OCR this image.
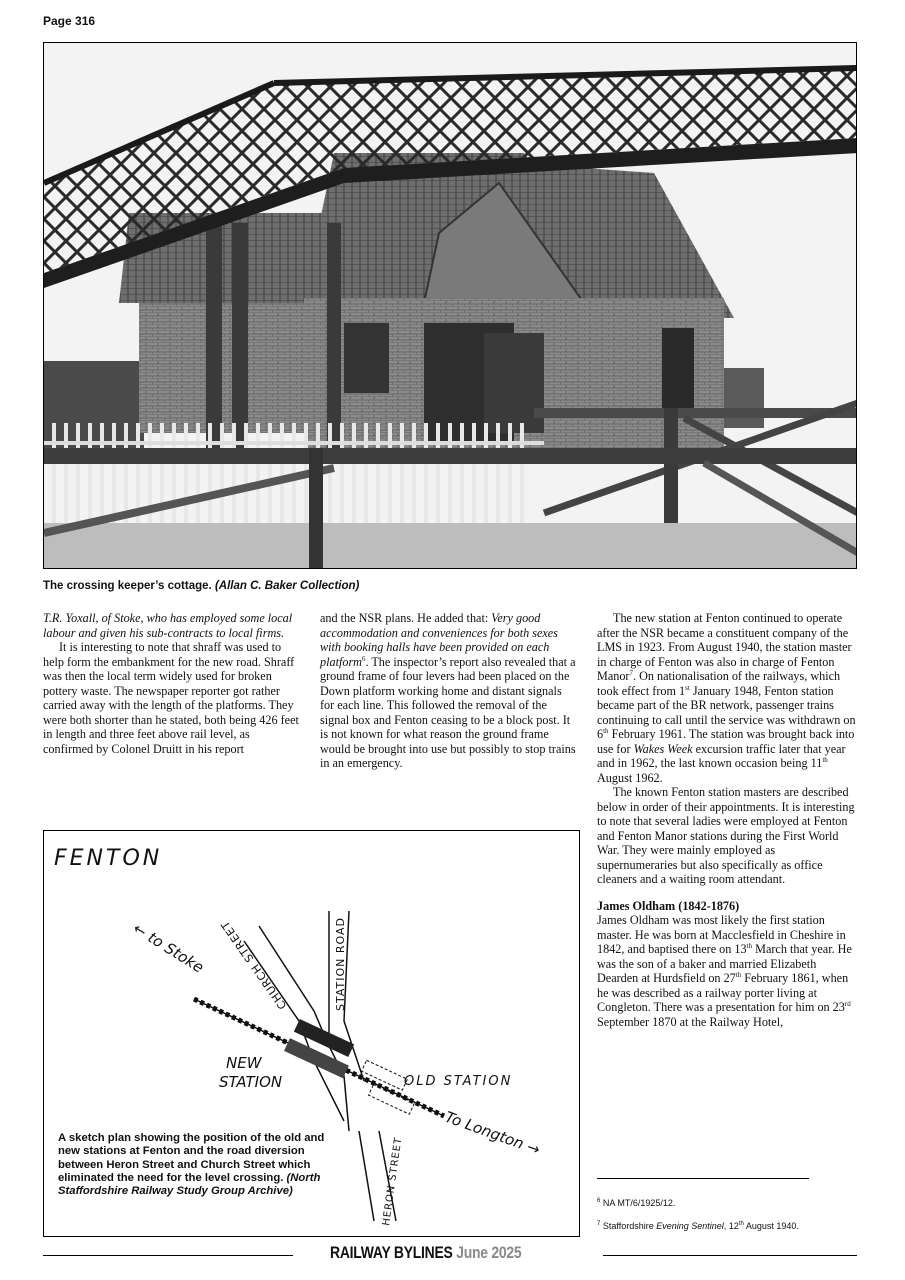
Page 316
The crossing keeper’s cottage. (Allan C. Baker Collection)

T.R. Yoxall, of Stoke, who has employed some local labour and given his sub-contracts to local firms.

It is interesting to note that shraff was used to help form the embankment for the new road. Shraff was then the local term widely used for broken pottery waste. The newspaper reporter got rather carried away with the length of the platforms. They were both shorter than he stated, both being 426 feet in length and three feet above rail level, as confirmed by Colonel Druitt in his report

and the NSR plans. He added that: Very good accommodation and conveniences for both sexes with booking halls have been provided on each platform$^6$. The inspector’s report also revealed that a ground frame of four levers had been placed on the Down platform working home and distant signals for each line. This followed the removal of the signal box and Fenton ceasing to be a block post. It is not known for what reason the ground frame would be brought into use but possibly to stop trains in an emergency.

The new station at Fenton continued to operate after the NSR became a constituent company of the LMS in 1923. From August 1940, the station master in charge of Fenton was also in charge of Fenton Manor$^7$. On nationalisation of the railways, which took effect from 1st January 1948, Fenton station became part of the BR network, passenger trains continuing to call until the service was withdrawn on 6th February 1961. The station was brought back into use for Wakes Week excursion traffic later that year and in 1962, the last known occasion being 11th August 1962.

The known Fenton station masters are described below in order of their appointments. It is interesting to note that several ladies were employed at Fenton and Fenton Manor stations during the First World War. They were mainly employed as supernumeraries but also specifically as office cleaners and a waiting room attendant.

James Oldham (1842-1876)

James Oldham was most likely the first station master. He was born at Macclesfield in Cheshire in 1842, and baptised there on 13th March that year. He was the son of a baker and married Elizabeth Dearden at Hurdsfield on 27th February 1861, when he was described as a railway porter living at Congleton. There was a presentation for him on 23rd September 1870 at the Railway Hotel,

FENTON
← to Stoke CHURCH STREET	STATION ROAD
NEW
STATION	OLD STATION
To Longton →
HERON STREET
A sketch plan showing the position of the old and new stations at Fenton and the road diversion between Heron Street and Church Street which eliminated the need for the level crossing. (North Staffordshire Railway Study Group Archive)
$^6$ NA MT/6/1925/12.
$^7$ Staffordshire Evening Sentinel, 12th August 1940.
RAILWAY BYLINES June 2025
